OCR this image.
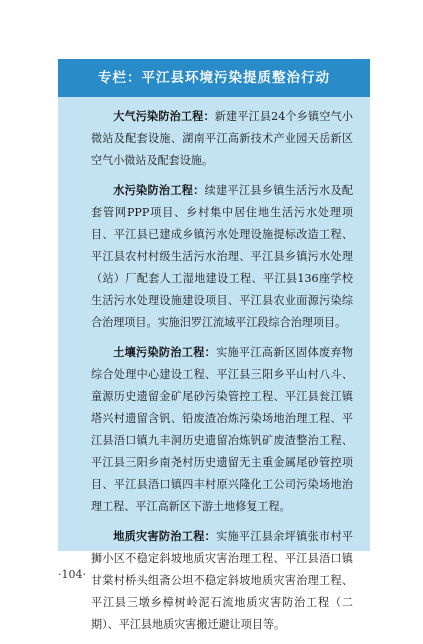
专栏：平江县环境污染提质整治行动

大气污染防治工程：新建平江县24个乡镇空气小微站及配套设施、湖南平江高新技术产业园天岳新区空气小微站及配套设施。

水污染防治工程：续建平江县乡镇生活污水及配套管网PPP项目、乡村集中居住地生活污水处理项目、平江县已建成乡镇污水处理设施提标改造工程、平江县农村村级生活污水治理、平江县乡镇污水处理（站）厂配套人工湿地建设工程、平江县136座学校生活污水处理设施建设项目、平江县农业面源污染综合治理项目。实施汨罗江流域平江段综合治理项目。

土壤污染防治工程：实施平江高新区固体废弃物综合处理中心建设工程、平江县三阳乡平山村八斗、童源历史遗留金矿尾砂污染管控工程、平江县瓮江镇塔兴村遗留含钒、铅废渣冶炼污染场地治理工程、平江县浯口镇九丰洞历史遗留冶炼钒矿废渣整治工程、平江县三阳乡南尧村历史遗留无主重金属尾砂管控项目、平江县浯口镇四丰村原兴隆化工公司污染场地治理工程、平江高新区下游土地修复工程。

地质灾害防治工程：实施平江县余坪镇张市村平狮小区不稳定斜坡地质灾害治理工程、平江县浯口镇甘棠村桥头组斋公坦不稳定斜坡地质灾害治理工程、平江县三墩乡樟树岭泥石流地质灾害防治工程（二期）、平江县地质灾害搬迁避让项目等。

·104·
